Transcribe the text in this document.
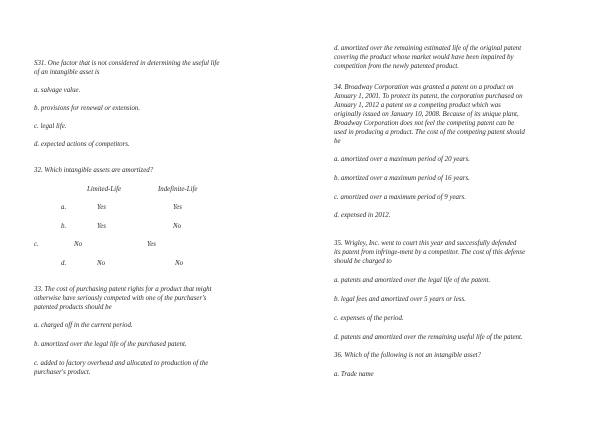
S31. One factor that is not considered in determining the useful life

of an intangible asset is

a. salvage value.

b. provisions for renewal or extension.

c. legal life.

d. expected actions of competitors.

32. Which intangible assets are amortized?

Limited-Life	Indefinite-Life

a.	Yes	Yes

b.	Yes	No

c.	No	Yes

d.	No	No

33. The cost of purchasing patent rights for a product that might

otherwise have seriously competed with one of the purchaser's

patented products should be

a. charged off in the current period.

b. amortized over the legal life of the purchased patent.

c. added to factory overhead and allocated to production of the

purchaser's product.

d. amortized over the remaining estimated life of the original patent

covering the product whose market would have been impaired by

competition from the newly patented product.

34. Broadway Corporation was granted a patent on a product on

January 1, 2001. To protect its patent, the corporation purchased on

January 1, 2012 a patent on a competing product which was

originally issued on January 10, 2008. Because of its unique plant,

Broadway Corporation does not feel the competing patent can be

used in producing a product. The cost of the competing patent should

be

a. amortized over a maximum period of 20 years.

b. amortized over a maximum period of 16 years.

c. amortized over a maximum period of 9 years.

d. expensed in 2012.

35. Wrigley, Inc. went to court this year and successfully defended

its patent from infringe-ment by a competitor. The cost of this defense

should be charged to

a. patents and amortized over the legal life of the patent.

b. legal fees and amortized over 5 years or less.

c. expenses of the period.

d. patents and amortized over the remaining useful life of the patent.

36. Which of the following is not an intangible asset?

a. Trade name
